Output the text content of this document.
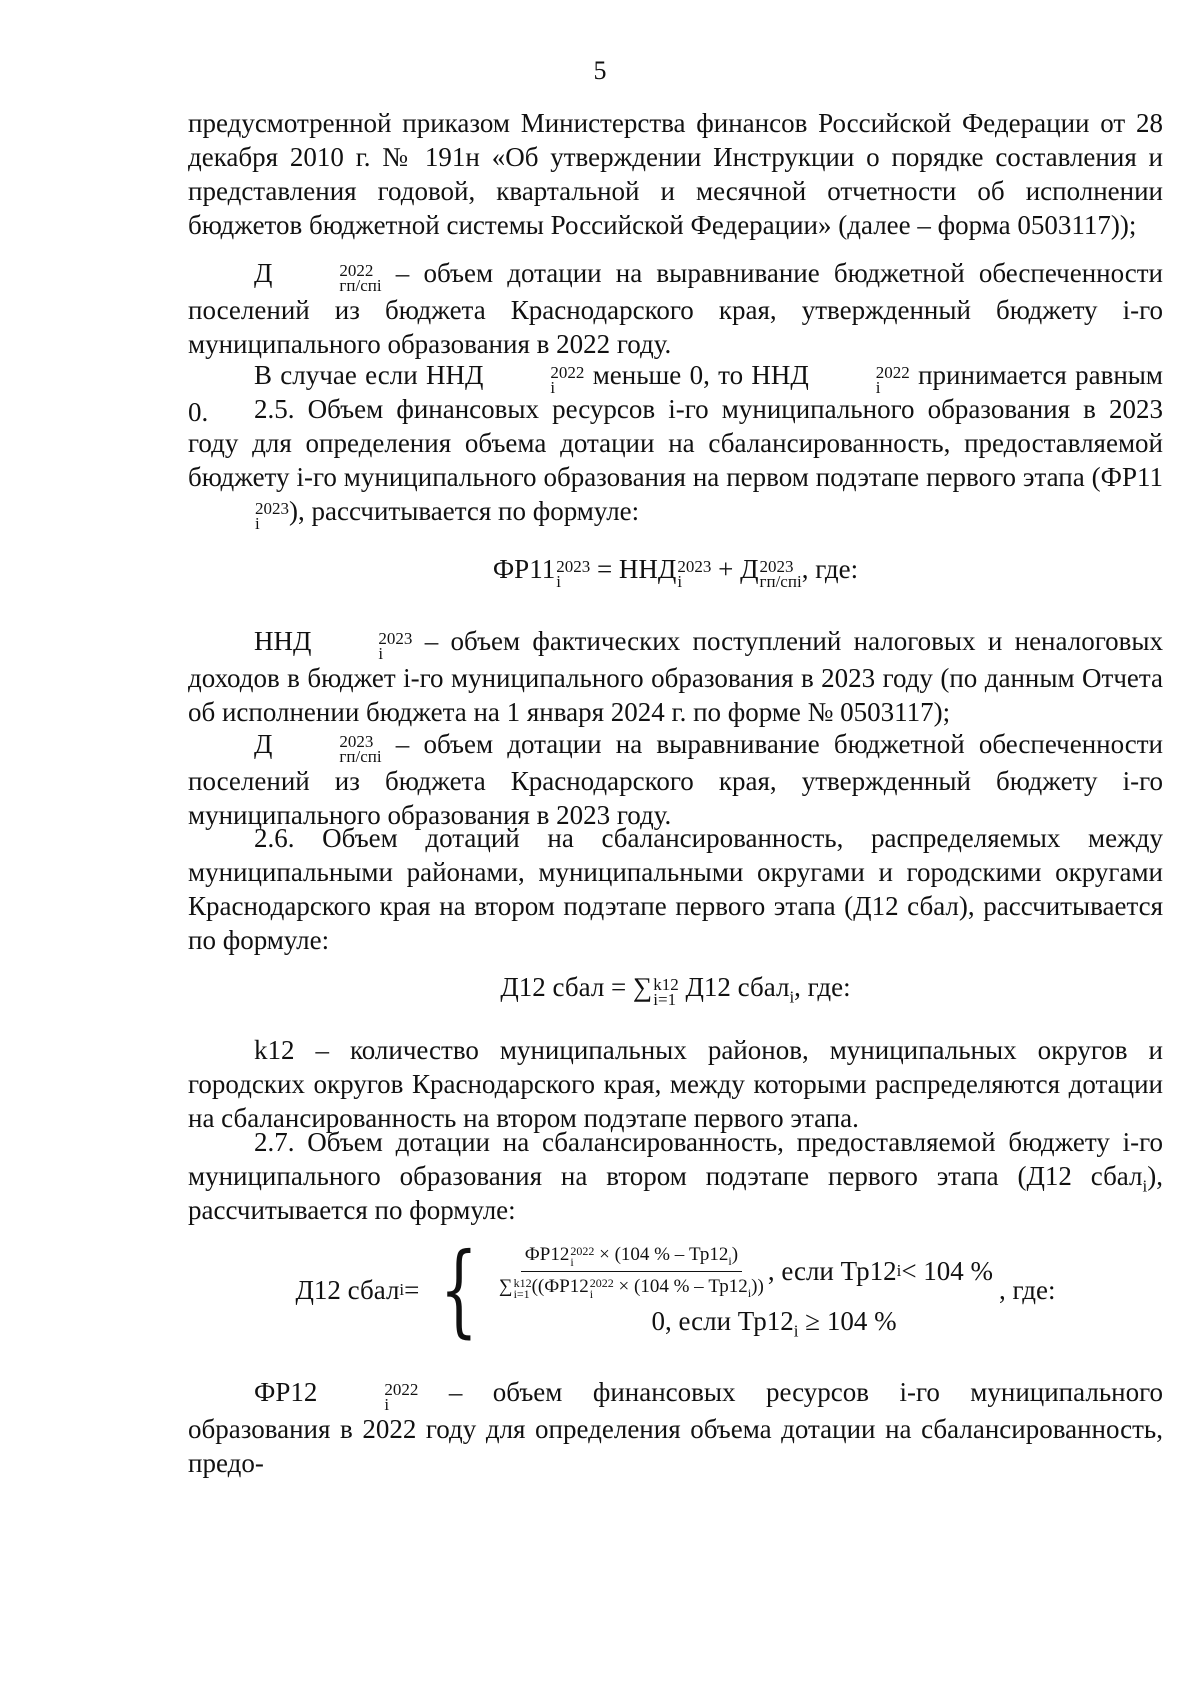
5

предусмотренной приказом Министерства финансов Российской Федерации от 28 декабря 2010 г. № 191н «Об утверждении Инструкции о порядке составления и представления годовой, квартальной и месячной отчетности об исполнении бюджетов бюджетной системы Российской Федерации» (далее – форма 0503117));

Д	2022
гп/спi – объем дотации на выравнивание бюджетной обеспеченности поселений из бюджета Краснодарского края, утвержденный бюджету i-го муниципального образования в 2022 году.

В случае если ННД	2022
i	меньше 0, то ННД	2022
i	принимается равным 0.	2.5. Объем финансовых ресурсов i-го муниципального образования в 2023 году для определения объема дотации на сбалансированность, предоставляемой бюджету i-го муниципального образования на первом подэтапе первого этапа (ФР11
2023
i	), рассчитывается по формуле:

ФР11 2023
i	= ННД 2023
i	+ Д 2023
гп/спi , где:

ННД	2023
i	– объем фактических поступлений налоговых и неналоговых доходов в бюджет i-го муниципального образования в 2023 году (по данным Отчета об исполнении бюджета на 1 января 2024 г. по форме № 0503117);

Д	2023
гп/спi – объем дотации на выравнивание бюджетной обеспеченности поселений из бюджета Краснодарского края, утвержденный бюджету i-го муниципального образования в 2023 году.

2.6. Объем дотаций на сбалансированность, распределяемых между муниципальными районами, муниципальными округами и городскими округами Краснодарского края на втором подэтапе первого этапа (Д12 сбал), рассчитывается по формуле:

Д12 сбал = ∑ k12
i=1 Д12 сбал$_i$, где:

k12 – количество муниципальных районов, муниципальных округов и городских округов Краснодарского края, между которыми распределяются дотации на сбалансированность на втором подэтапе первого этапа.

2.7. Объем дотации на сбалансированность, предоставляемой бюджету i-го муниципального образования на втором подэтапе первого этапа (Д12 сбал$_i$), рассчитывается по формуле:

Д12 сбал i = { ФР12 2022
i	× (104 % – $Тр12_i$)
∑ k12
i=1 ((ФР12 2022
i	× (104 % – $Тр12_i$)) , если Тр12 i < 104 %
0, если $Тр12_i \ge 104$ %
, где:

ФР12	2022
i	– объем финансовых ресурсов i-го муниципального образования в 2022 году для определения объема дотации на сбалансированность, предо-
